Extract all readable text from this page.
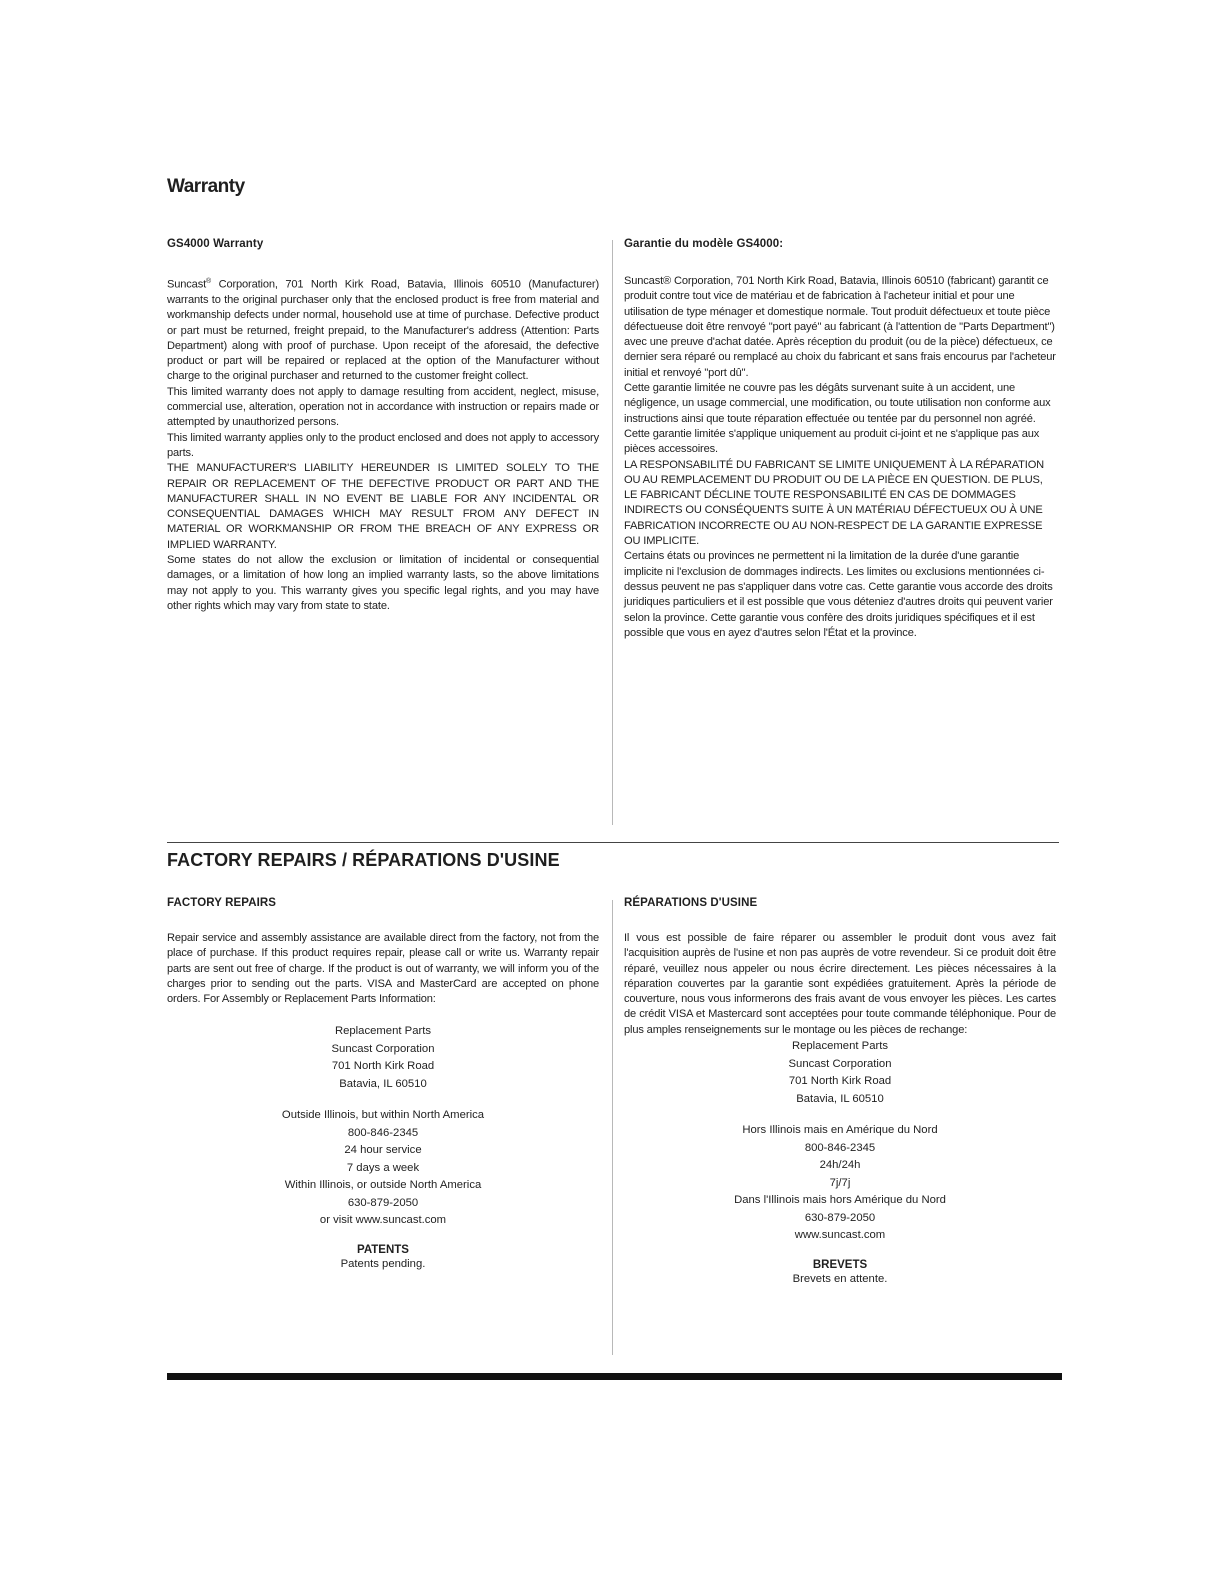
Warranty
GS4000 Warranty

Suncast® Corporation, 701 North Kirk Road, Batavia, Illinois 60510 (Manufacturer) warrants to the original purchaser only that the enclosed product is free from material and workmanship defects under normal, household use at time of purchase. Defective product or part must be returned, freight prepaid, to the Manufacturer's address (Attention: Parts Department) along with proof of purchase. Upon receipt of the aforesaid, the defective product or part will be repaired or replaced at the option of the Manufacturer without charge to the original purchaser and returned to the customer freight collect.

This limited warranty does not apply to damage resulting from accident, neglect, misuse, commercial use, alteration, operation not in accordance with instruction or repairs made or attempted by unauthorized persons.

This limited warranty applies only to the product enclosed and does not apply to accessory parts.

THE MANUFACTURER'S LIABILITY HEREUNDER IS LIMITED SOLELY TO THE REPAIR OR REPLACEMENT OF THE DEFECTIVE PRODUCT OR PART AND THE MANUFACTURER SHALL IN NO EVENT BE LIABLE FOR ANY INCIDENTAL OR CONSEQUENTIAL DAMAGES WHICH MAY RESULT FROM ANY DEFECT IN MATERIAL OR WORKMANSHIP OR FROM THE BREACH OF ANY EXPRESS OR IMPLIED WARRANTY.

Some states do not allow the exclusion or limitation of incidental or consequential damages, or a limitation of how long an implied warranty lasts, so the above limitations may not apply to you. This warranty gives you specific legal rights, and you may have other rights which may vary from state to state.

Garantie du modèle GS4000:

Suncast® Corporation, 701 North Kirk Road, Batavia, Illinois 60510 (fabricant) garantit ce produit contre tout vice de matériau et de fabrication à l'acheteur initial et pour une utilisation de type ménager et domestique normale. Tout produit défectueux et toute pièce défectueuse doit être renvoyé "port payé" au fabricant (à l'attention de "Parts Department") avec une preuve d'achat datée. Après réception du produit (ou de la pièce) défectueux, ce dernier sera réparé ou remplacé au choix du fabricant et sans frais encourus par l'acheteur initial et renvoyé "port dû".

Cette garantie limitée ne couvre pas les dégâts survenant suite à un accident, une négligence, un usage commercial, une modification, ou toute utilisation non conforme aux instructions ainsi que toute réparation effectuée ou tentée par du personnel non agréé.

Cette garantie limitée s'applique uniquement au produit ci-joint et ne s'applique pas aux pièces accessoires.

LA RESPONSABILITÉ DU FABRICANT SE LIMITE UNIQUEMENT À LA RÉPARATION OU AU REMPLACEMENT DU PRODUIT OU DE LA PIÈCE EN QUESTION. DE PLUS, LE FABRICANT DÉCLINE TOUTE RESPONSABILITÉ EN CAS DE DOMMAGES INDIRECTS OU CONSÉQUENTS SUITE À UN MATÉRIAU DÉFECTUEUX OU À UNE FABRICATION INCORRECTE OU AU NON-RESPECT DE LA GARANTIE EXPRESSE OU IMPLICITE.

Certains états ou provinces ne permettent ni la limitation de la durée d'une garantie implicite ni l'exclusion de dommages indirects. Les limites ou exclusions mentionnées ci-dessus peuvent ne pas s'appliquer dans votre cas. Cette garantie vous accorde des droits juridiques particuliers et il est possible que vous déteniez d'autres droits qui peuvent varier selon la province. Cette garantie vous confère des droits juridiques spécifiques et il est possible que vous en ayez d'autres selon l'État et la province.

FACTORY REPAIRS / RÉPARATIONS D'USINE
FACTORY REPAIRS

Repair service and assembly assistance are available direct from the factory, not from the place of purchase. If this product requires repair, please call or write us. Warranty repair parts are sent out free of charge. If the product is out of warranty, we will inform you of the charges prior to sending out the parts. VISA and MasterCard are accepted on phone orders. For Assembly or Replacement Parts Information:

Replacement Parts
Suncast Corporation
701 North Kirk Road
Batavia, IL 60510
Outside Illinois, but within North America
800-846-2345
24 hour service
7 days a week
Within Illinois, or outside North America
630-879-2050
or visit www.suncast.com

PATENTS

Patents pending.

RÉPARATIONS D'USINE

Il vous est possible de faire réparer ou assembler le produit dont vous avez fait l'acquisition auprès de l'usine et non pas auprès de votre revendeur. Si ce produit doit être réparé, veuillez nous appeler ou nous écrire directement. Les pièces nécessaires à la réparation couvertes par la garantie sont expédiées gratuitement. Après la période de couverture, nous vous informerons des frais avant de vous envoyer les pièces. Les cartes de crédit VISA et Mastercard sont acceptées pour toute commande téléphonique. Pour de plus amples renseignements sur le montage ou les pièces de rechange:

Replacement Parts
Suncast Corporation
701 North Kirk Road
Batavia, IL 60510
Hors Illinois mais en Amérique du Nord
800-846-2345
24h/24h
7j/7j
Dans l'Illinois mais hors Amérique du Nord
630-879-2050
www.suncast.com

BREVETS

Brevets en attente.
